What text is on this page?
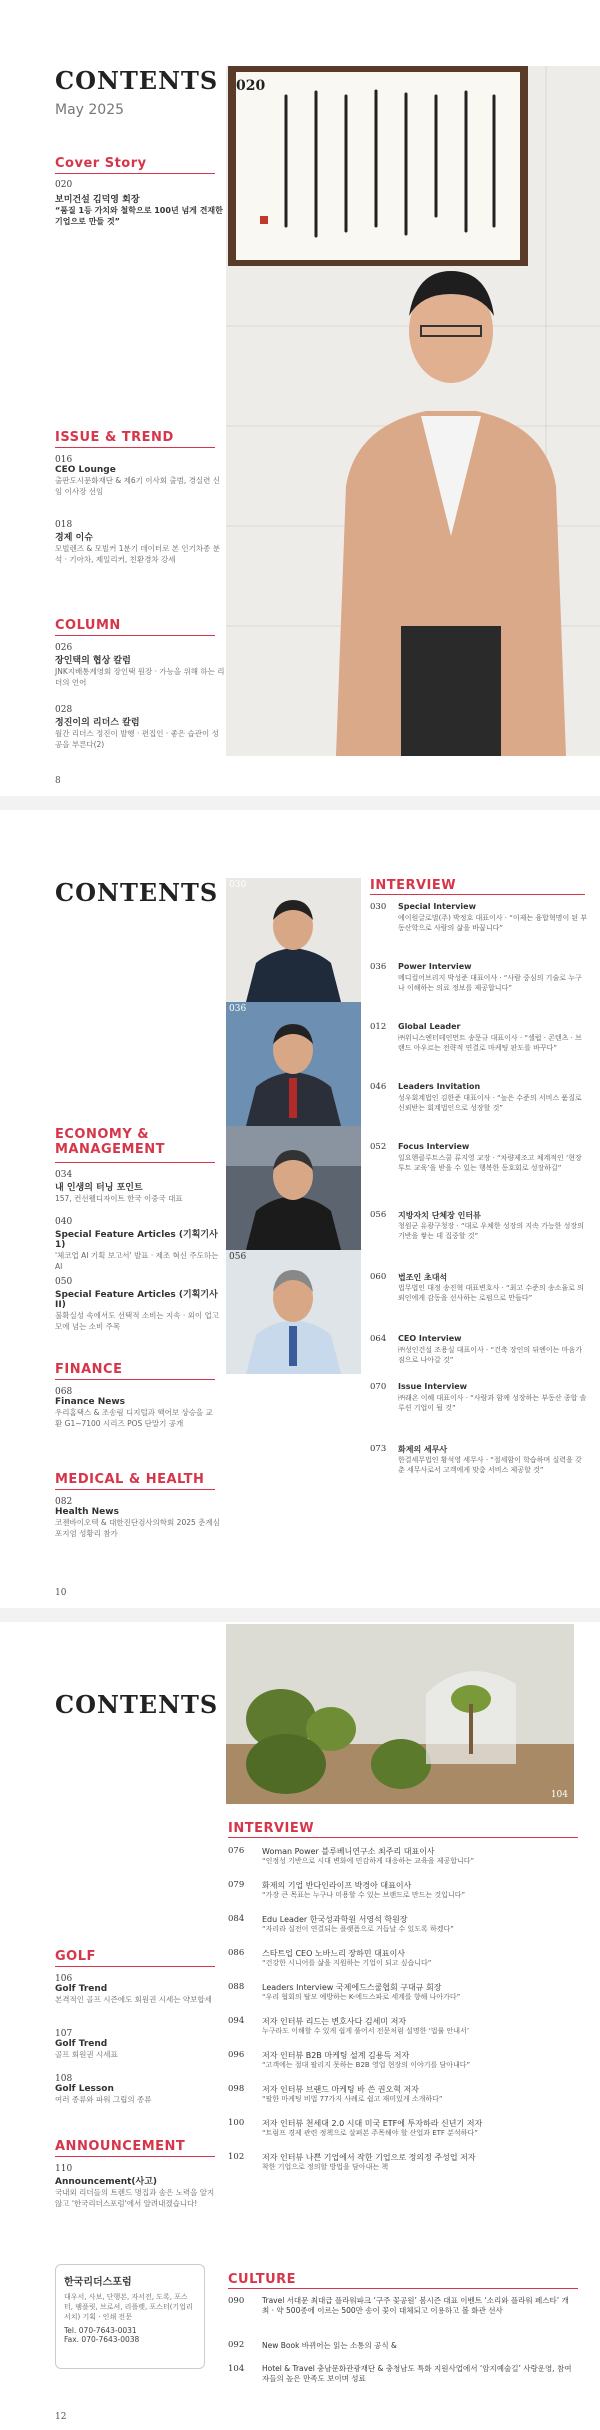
CONTENTS
May 2025
Cover Story
020
보미건설 김덕영 회장
“품질 1등 가치와 철학으로 100년 넘게 견재한 기업으로 만들 것”
ISSUE & TREND
016
CEO Lounge
출판도시문화재단 & 제6기 이사회 출범, 경실련 신임 이사장 선임
018
경제 이슈
모빌렌즈 & 모빌커 1분기 데이터로 본 인기차종 분석 · 기아차, 제일리커, 친환경차 강세
COLUMN
026
장인택의 협상 칼럼
JNK지배통계영회 장인택 원장 · 가능을 위해 하는 리더의 언어
028
정진이의 리더스 칼럼
월간 리더스 정진이 발행 · 편집인 · 좋은 습관이 성공을 부른다(2)
8
020
CONTENTS 030
036
056
ECONOMY & MANAGEMENT
034
내 인생의 터닝 포인트
157, 컨선웰디자이트 한국 이중국 대표
040
Special Feature Articles (기획기사 1)
'체코업 AI 기획 보고서' 발표 · 제조 혁신 주도하는 AI
050
Special Feature Articles (기획기사 II)
불확실성 속에서도 선택적 소비는 지속 · 외이 업고 모에 넘는 소비 주목
FINANCE
068
Finance News
우리홈택스 & 조송림 디지털과 핵어보 상승을 교환 G1~7100 시리즈 POS 단말기 공개
MEDICAL & HEALTH
082
Health News
코젠바이오텍 & 대한진단검사의학회 2025 춘계심포지엄 성황리 참가
10
INTERVIEW
030 Special Interview
에이원글로벌(주) 박정호 대표이사 · “이제는 융합혁명이 된 부동산학으로 사람의 삶을 바꿉니다”
036 Power Interview
메디컬어브리지 박성준 대표이사 · “사람 중심의 기술로 누구나 이해하는 의료 정보를 제공합니다”
012 Global Leader
㈜위니스엔터테인먼트 송문규 대표이사 · “셀럽 · 콘텐츠 · 브랜드 아우르는 전략적 연결로 마케팅 판도를 바꾸다”
046 Leaders Invitation
성우회계법인 김한준 대표이사 · “높은 수준의 서비스 품질로 신뢰받는 회계법인으로 성장할 것”
052 Focus Interview
일요헨클루트스쿨 류지영 교장 · “차량제조고 체계적인 ‘현장투트 교육’을 받을 수 있는 행복한 동호회로 성장하길”
056 지방자치 단체장 인터뷰
청원군 유광구청장 · “대로 우체한 성장의 지속 가능한 성장의 기반을 쌓는 데 집중할 것”
060 법조인 초대석
법무법인 대정 송진혁 대표변호사 · “최고 수준의 송소율로 의뢰인에게 감동을 선사하는 로펌으로 만들다”
064 CEO Interview
㈜성인건설 조용실 대표이사 · “건축 장인의 뒤엔이는 마음가짐으로 나아갈 것”
070 Issue Interview
㈜래온 이혜 대표이사 · “사람과 함께 성장하는 부동산 종합 솔루션 기업이 될 것”
073 화제의 세무사
한결세무법인 황석영 세무사 · “절세함이 학습하며 실력을 갖춘 세무사로서 고객에게 맞춤 서비스 제공할 것”
CONTENTS
104
GOLF
106
Golf Trend
본격적인 골프 시즌에도 회원권 시세는 약보합세
107
Golf Trend
골프 회원권 시세표
108
Golf Lesson
여러 종류와 파워 그립의 종류
ANNOUNCEMENT
110
Announcement(사고)
국내외 리더들의 트렌드 명집과 솜은 노력을 알지 않고 '한국리더스포럼'에서 알려내겠습니다!
한국리더스포럼
대우서, 사보, 단행본, 자서전, 도록, 포스터, 팸플릿, 브로셔, 리플렛, 포스터(기업리서치) 기획 · 인쇄 전문
Tel. 070-7643-0031
Fax. 070-7643-0038
12
INTERVIEW
076	Woman Power 블루베니연구소 최주리 대표이사
“인정성 기반으로 시대 변화에 민감하게 대응하는 교육을 제공합니다”
079	화제의 기업 반다인라이프 박경아 대표이사
“가장 큰 목표는 누구나 미용할 수 있는 브랜드로 만드는 것입니다”
084	Edu Leader 한국성과학원 서영석 학원장
“자리라 실전이 연결되는 플랫폼으로 거듭날 수 있도록 하겠다”
086	스타트업 CEO 노바느리 장하민 대표이사
“건강한 시니어를 삶을 지원하는 기업이 되고 싶습니다”
088	Leaders Interview 국제에드스쿨협회 구대규 회장
“우리 협회의 탈모 예방하는 K-에드스파로 세계를 향해 나아가다”
094	저자 인터뷰 리드는 변호사다 김세미 저자
누구라도 이해할 수 있게 쉽게 풀어서 전문처럼 설명한 ‘법률 안내서’
096	저자 인터뷰 B2B 마케팅 설계 김용득 저자
“고객에는 절대 팔리지 못하는 B2B 영업 현장의 이야기를 담아내다”
098	저자 인터뷰 브랜드 마케팅 바 쓴 권오혁 저자
“팔한 마케팅 비법 77가지 사례로 쉽고 재미있게 소개하다”
100	저자 인터뷰 천세대 2.0 시대 미국 ETF에 투자하라 신년기 저자
“트럼프 경제 관련 정책으로 살펴본 주목해야 할 산업과 ETF 분석하다”
102	저자 인터뷰 나쁜 기업에서 작한 기업으로 정의정 주성업 저자
착한 기업으로 정의할 방법을 담아내는 책
CULTURE
090	Travel 서대문 최대급 플라워파크 ‘구주 꽃공원’ 봄시즌 대표 이벤트 ‘소리와 플라워 페스타’ 개최 · 약 500종에 이르는 500만 송이 꽃이 대체되고 이용하고 볼 화관 선사
092	New Book 바뀌어는 읽는 소통의 공식 &
104	Hotel & Travel 충남문화관광재단 & 충청남도 특화 지원사업에서 ‘암지예술길’ 사랑운영, 참여자들의 높은 만족도 보이며 성료
